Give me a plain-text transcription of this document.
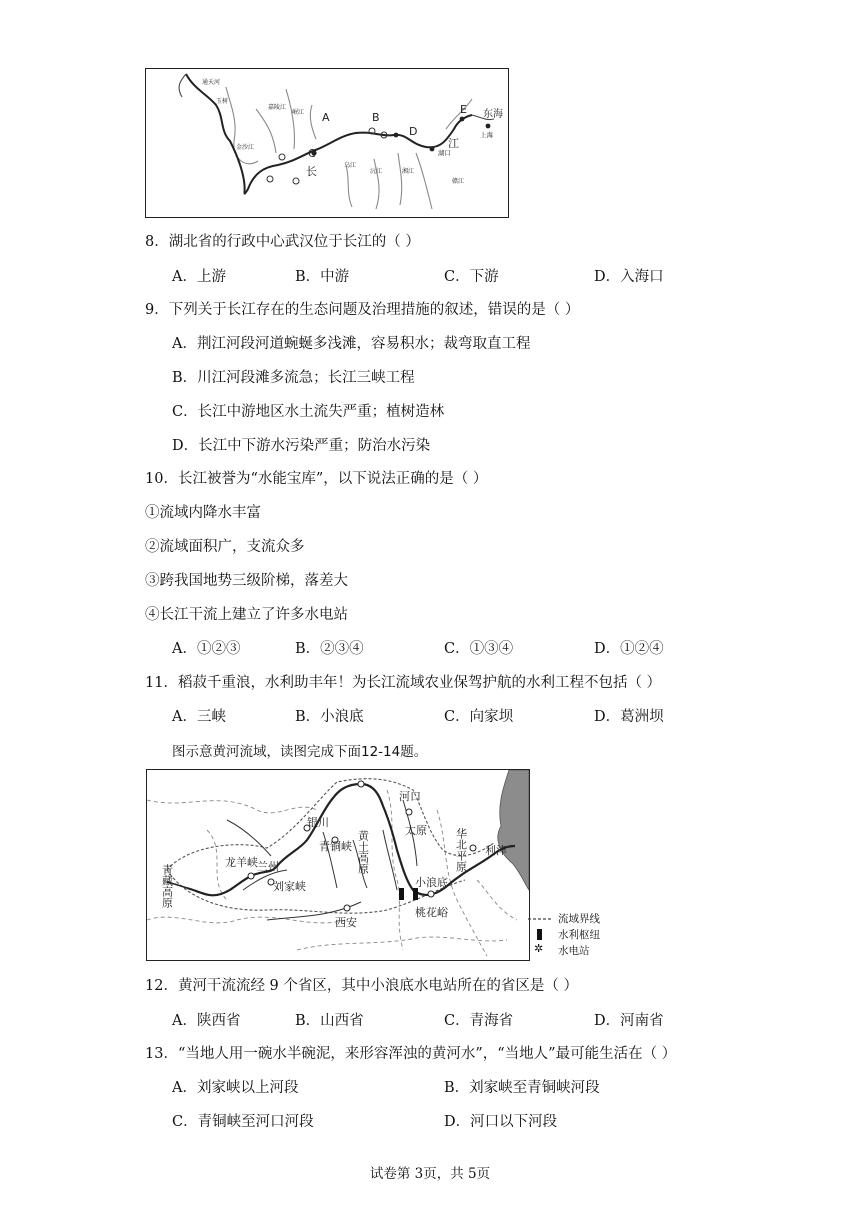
A	B
C
D
E 东海
上海
湖口
通天河
玉树
金沙江
岷江
嘉陵江
乌江
沅江	湘江
赣江
长
江
8．湖北省的行政中心武汉位于长江的（ ）
A．上游	B．中游	C．下游	D．入海口
9．下列关于长江存在的生态问题及治理措施的叙述，错误的是（ ）
A．荆江河段河道蜿蜒多浅滩，容易积水；裁弯取直工程
B．川江河段滩多流急；长江三峡工程
C．长江中游地区水土流失严重；植树造林
D．长江中下游水污染严重；防治水污染
10．长江被誉为“水能宝库”，以下说法正确的是（ ）
①流域内降水丰富
②流域面积广，支流众多
③跨我国地势三级阶梯，落差大
④长江干流上建立了许多水电站
A．①②③	B．②③④	C．①③④	D．①②④
11．稻菽千重浪，水利助丰年！为长江流域农业保驾护航的水利工程不包括（ ）
A．三峡	B．小浪底	C．向家坝	D．葛洲坝
图示意黄河流域，读图完成下面12-14题。
青藏高原
龙羊峡 兰州
刘家峡
银川
青铜峡 黄土高原
河口
太原	华北平原 利津
小浪底
桃花峪
西安	流域界线
水利枢纽
✲ 水电站
12．黄河干流流经 9 个省区，其中小浪底水电站所在的省区是（ ）
A．陕西省	B．山西省	C．青海省	D．河南省
13．“当地人用一碗水半碗泥，来形容浑浊的黄河水”，“当地人”最可能生活在（ ）
A．刘家峡以上河段	B．刘家峡至青铜峡河段
C．青铜峡至河口河段	D．河口以下河段
试卷第 3页，共 5页
